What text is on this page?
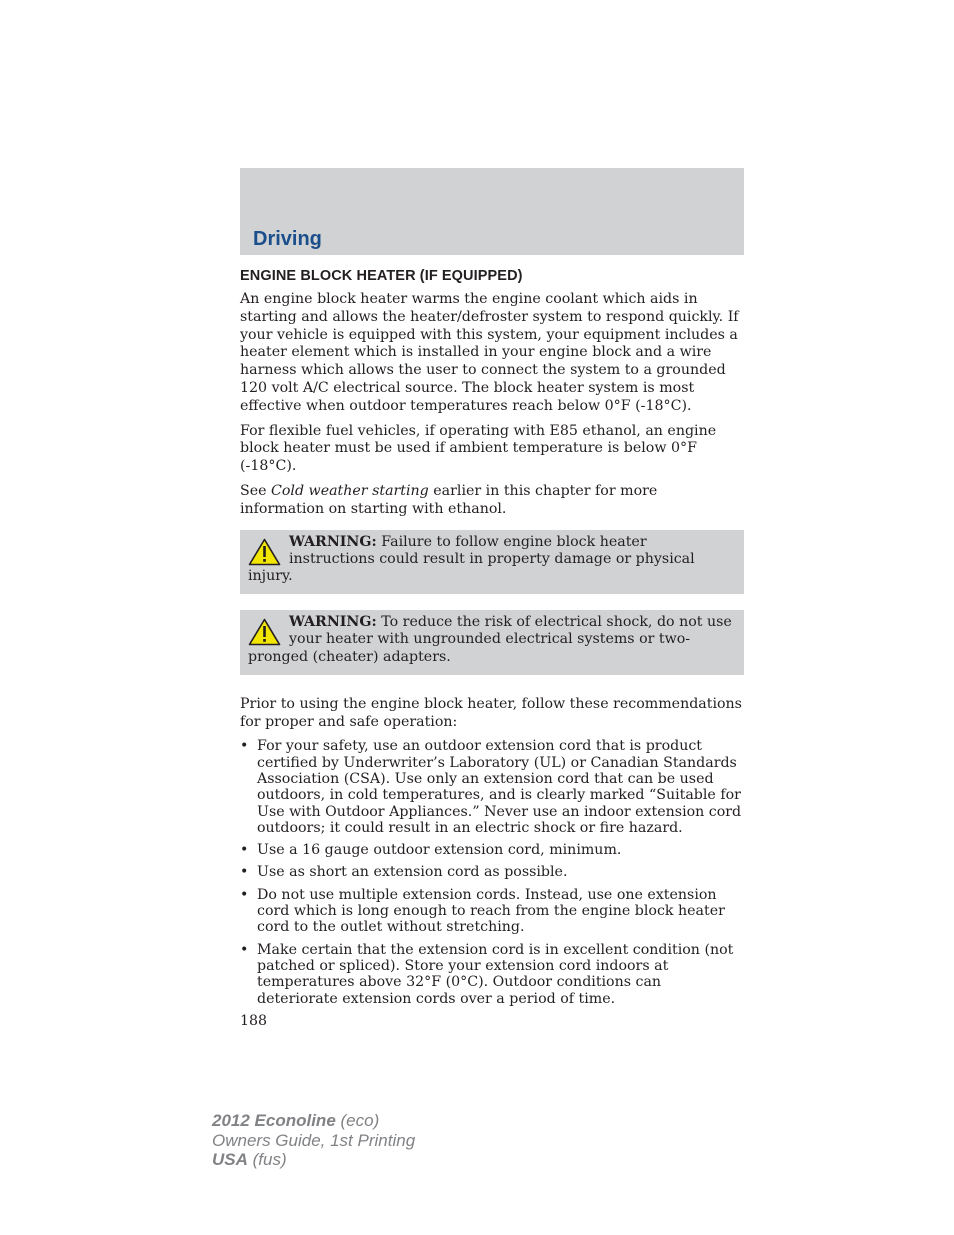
Driving
ENGINE BLOCK HEATER (IF EQUIPPED)

An engine block heater warms the engine coolant which aids in starting and allows the heater/defroster system to respond quickly. If your vehicle is equipped with this system, your equipment includes a heater element which is installed in your engine block and a wire harness which allows the user to connect the system to a grounded 120 volt A/C electrical source. The block heater system is most effective when outdoor temperatures reach below 0°F (-18°C).

For flexible fuel vehicles, if operating with E85 ethanol, an engine block heater must be used if ambient temperature is below 0°F (-18°C).

See Cold weather starting earlier in this chapter for more information on starting with ethanol.

WARNING: Failure to follow engine block heater instructions could result in property damage or physical injury.
WARNING: To reduce the risk of electrical shock, do not use your heater with ungrounded electrical systems or two-pronged (cheater) adapters.

Prior to using the engine block heater, follow these recommendations for proper and safe operation:

• For your safety, use an outdoor extension cord that is product certified by Underwriter’s Laboratory (UL) or Canadian Standards Association (CSA). Use only an extension cord that can be used outdoors, in cold temperatures, and is clearly marked “Suitable for Use with Outdoor Appliances.” Never use an indoor extension cord outdoors; it could result in an electric shock or fire hazard.
• Use a 16 gauge outdoor extension cord, minimum.
• Use as short an extension cord as possible.
• Do not use multiple extension cords. Instead, use one extension cord which is long enough to reach from the engine block heater cord to the outlet without stretching.
• Make certain that the extension cord is in excellent condition (not patched or spliced). Store your extension cord indoors at temperatures above 32°F (0°C). Outdoor conditions can deteriorate extension cords over a period of time.
188
2012 Econoline (eco)
Owners Guide, 1st Printing
USA (fus)
